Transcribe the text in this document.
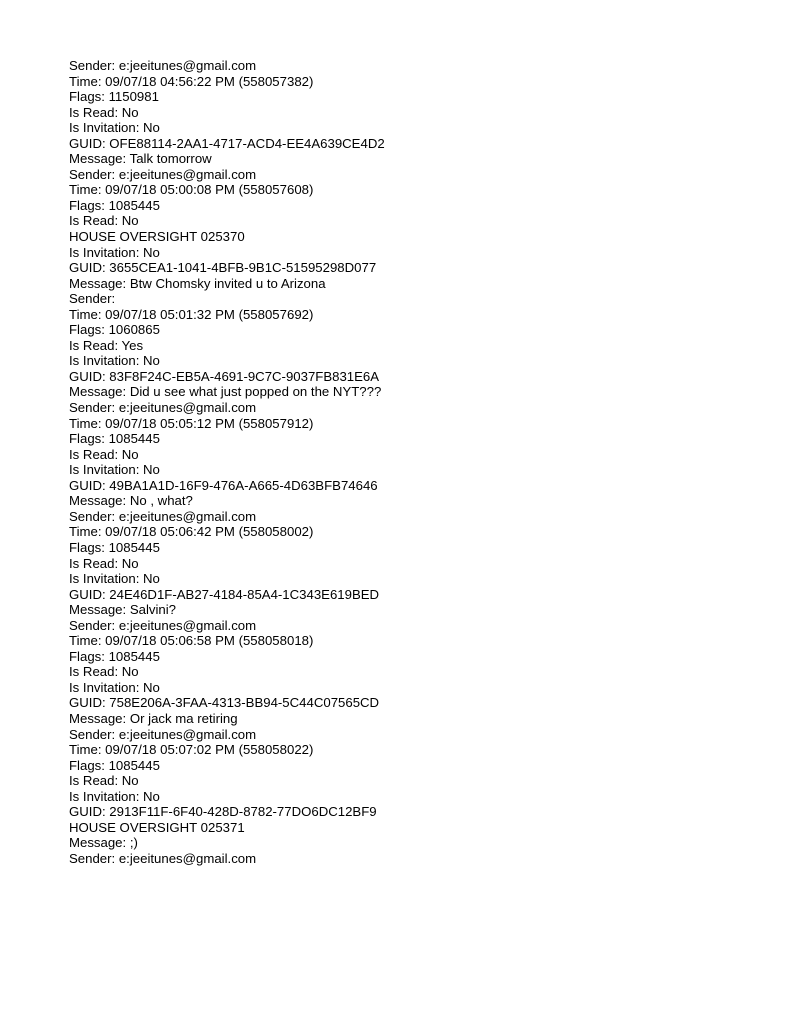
Sender: e:jeeitunes@gmail.com
Time: 09/07/18 04:56:22 PM (558057382)
Flags: 1150981
Is Read: No
Is Invitation: No
GUID: OFE88114-2AA1-4717-ACD4-EE4A639CE4D2
Message: Talk tomorrow
Sender: e:jeeitunes@gmail.com
Time: 09/07/18 05:00:08 PM (558057608)
Flags: 1085445
Is Read: No
HOUSE OVERSIGHT 025370
Is Invitation: No
GUID: 3655CEA1-1041-4BFB-9B1C-51595298D077
Message: Btw Chomsky invited u to Arizona
Sender:
Time: 09/07/18 05:01:32 PM (558057692)
Flags: 1060865
Is Read: Yes
Is Invitation: No
GUID: 83F8F24C-EB5A-4691-9C7C-9037FB831E6A
Message: Did u see what just popped on the NYT???
Sender: e:jeeitunes@gmail.com
Time: 09/07/18 05:05:12 PM (558057912)
Flags: 1085445
Is Read: No
Is Invitation: No
GUID: 49BA1A1D-16F9-476A-A665-4D63BFB74646
Message: No , what?
Sender: e:jeeitunes@gmail.com
Time: 09/07/18 05:06:42 PM (558058002)
Flags: 1085445
Is Read: No
Is Invitation: No
GUID: 24E46D1F-AB27-4184-85A4-1C343E619BED
Message: Salvini?
Sender: e:jeeitunes@gmail.com
Time: 09/07/18 05:06:58 PM (558058018)
Flags: 1085445
Is Read: No
Is Invitation: No
GUID: 758E206A-3FAA-4313-BB94-5C44C07565CD
Message: Or jack ma retiring
Sender: e:jeeitunes@gmail.com
Time: 09/07/18 05:07:02 PM (558058022)
Flags: 1085445
Is Read: No
Is Invitation: No
GUID: 2913F11F-6F40-428D-8782-77DO6DC12BF9
HOUSE OVERSIGHT 025371
Message: ;)
Sender: e:jeeitunes@gmail.com
